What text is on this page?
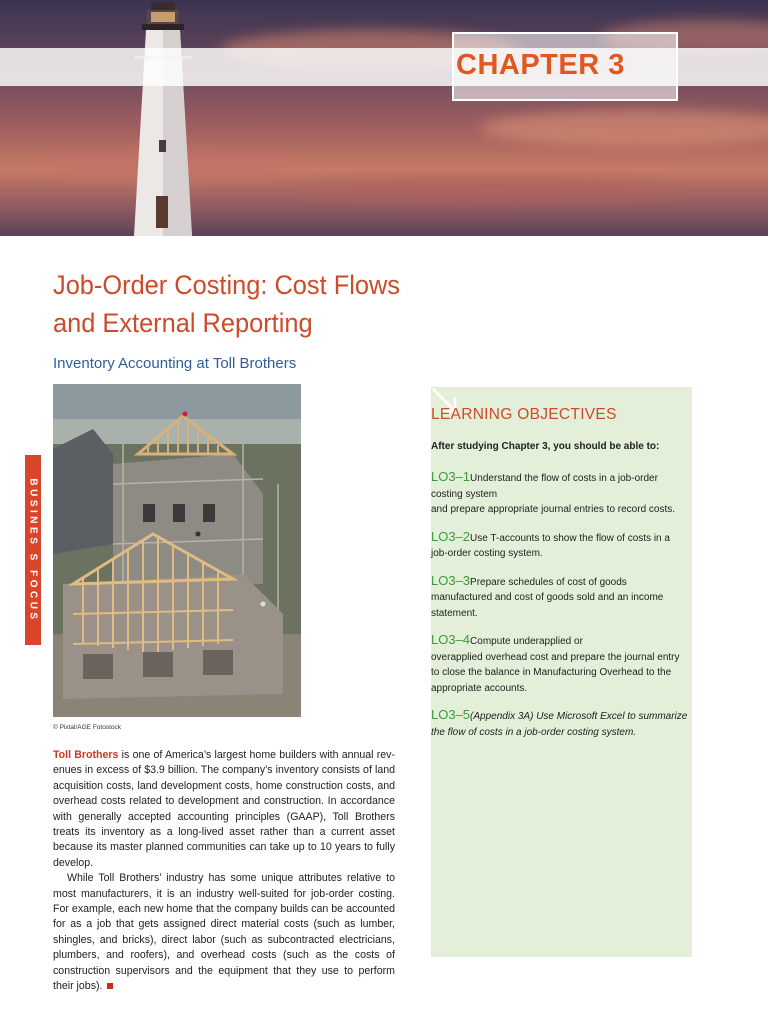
CHAPTER 3
Job-Order Costing: Cost Flows
and External Reporting
Inventory Accounting at Toll Brothers
BUSINES S FOCUS
© Pixtal/AGE Fotostock

Toll Brothers is one of America’s largest home builders with annual rev- enues in excess of $3.9 billion. The company’s inventory consists of land acquisition costs, land development costs, home construction costs, and overhead costs related to development and construction. In accordance with generally accepted accounting principles (GAAP), Toll Brothers treats its inventory as a long-lived asset rather than a current asset because its master planned communities can take up to 10 years to fully develop.

While Toll Brothers’ industry has some unique attributes relative to most manufacturers, it is an industry well-suited for job-order costing. For example, each new home that the company builds can be accounted for as a job that gets assigned direct material costs (such as lumber, shingles, and bricks), direct labor (such as subcontracted electricians, plumbers, and roofers), and overhead costs (such as the costs of construction supervisors and the equipment that they use to perform their jobs).

LEARNING OBJECTIVES
After studying Chapter 3, you should be able to:
LO3–1Understand the flow of costs in a job-order costing system
and prepare appropriate journal entries to record costs.
LO3–2Use T-accounts to show the flow of costs in a job-order costing system.
LO3–3Prepare schedules of cost of goods manufactured and cost of goods sold and an income statement.
LO3–4Compute underapplied or
overapplied overhead cost and prepare the journal entry to close the balance in Manufacturing Overhead to the appropriate accounts.
LO3–5(Appendix 3A) Use Microsoft Excel to summarize the flow of costs in a job-order costing system.
